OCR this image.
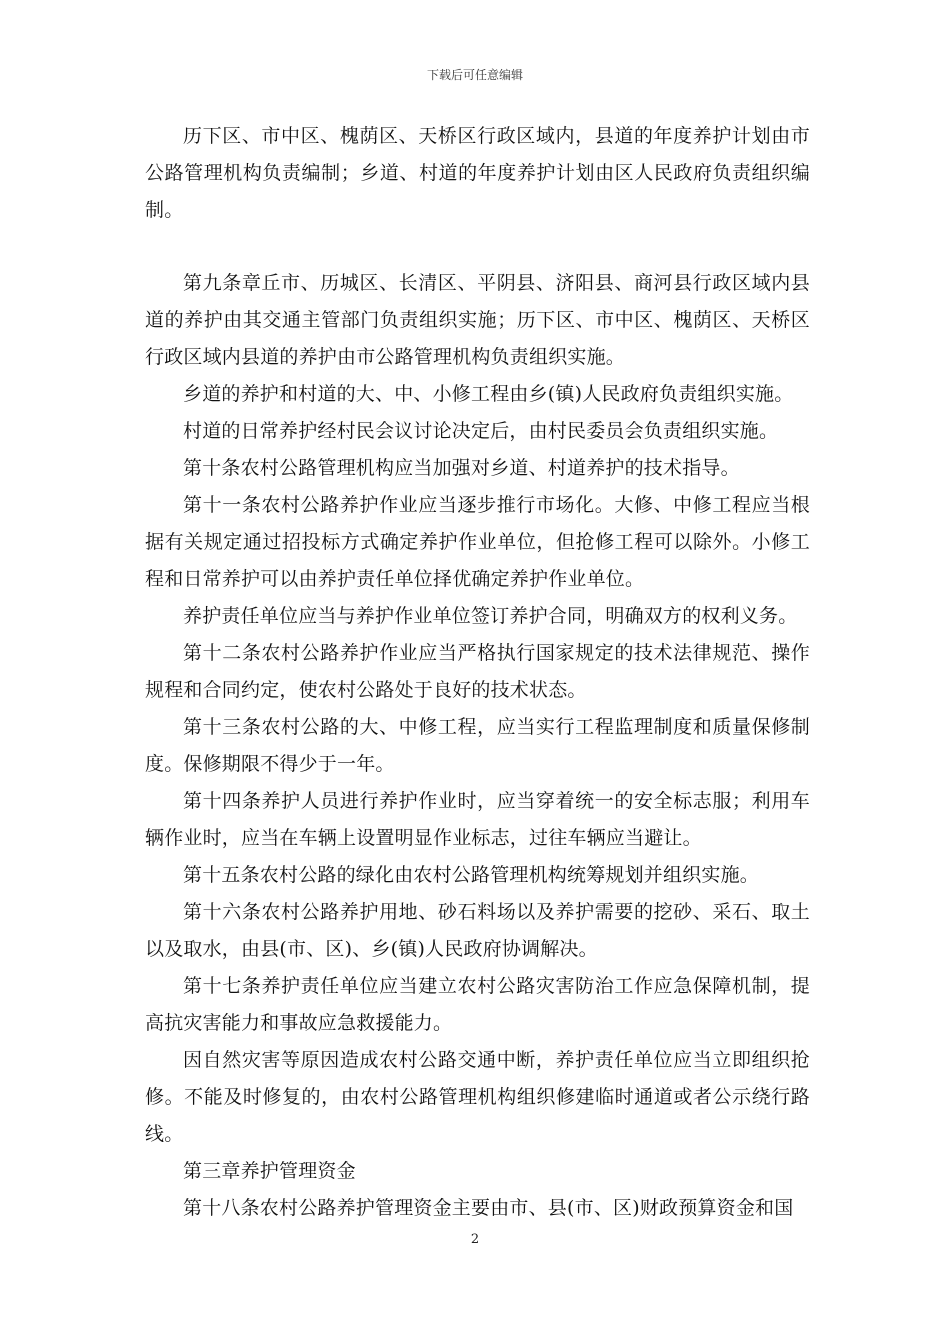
下载后可任意编辑

历下区、市中区、槐荫区、天桥区行政区域内，县道的年度养护计划由市公路管理机构负责编制；乡道、村道的年度养护计划由区人民政府负责组织编制。

第九条章丘市、历城区、长清区、平阴县、济阳县、商河县行政区域内县道的养护由其交通主管部门负责组织实施；历下区、市中区、槐荫区、天桥区行政区域内县道的养护由市公路管理机构负责组织实施。

乡道的养护和村道的大、中、小修工程由乡(镇)人民政府负责组织实施。

村道的日常养护经村民会议讨论决定后，由村民委员会负责组织实施。

第十条农村公路管理机构应当加强对乡道、村道养护的技术指导。

第十一条农村公路养护作业应当逐步推行市场化。大修、中修工程应当根据有关规定通过招投标方式确定养护作业单位，但抢修工程可以除外。小修工程和日常养护可以由养护责任单位择优确定养护作业单位。

养护责任单位应当与养护作业单位签订养护合同，明确双方的权利义务。

第十二条农村公路养护作业应当严格执行国家规定的技术法律规范、操作规程和合同约定，使农村公路处于良好的技术状态。

第十三条农村公路的大、中修工程，应当实行工程监理制度和质量保修制度。保修期限不得少于一年。

第十四条养护人员进行养护作业时，应当穿着统一的安全标志服；利用车辆作业时，应当在车辆上设置明显作业标志，过往车辆应当避让。

第十五条农村公路的绿化由农村公路管理机构统筹规划并组织实施。

第十六条农村公路养护用地、砂石料场以及养护需要的挖砂、采石、取土以及取水，由县(市、区)、乡(镇)人民政府协调解决。

第十七条养护责任单位应当建立农村公路灾害防治工作应急保障机制，提高抗灾害能力和事故应急救援能力。

因自然灾害等原因造成农村公路交通中断，养护责任单位应当立即组织抢修。不能及时修复的，由农村公路管理机构组织修建临时通道或者公示绕行路线。

第三章养护管理资金

第十八条农村公路养护管理资金主要由市、县(市、区)财政预算资金和国

2
